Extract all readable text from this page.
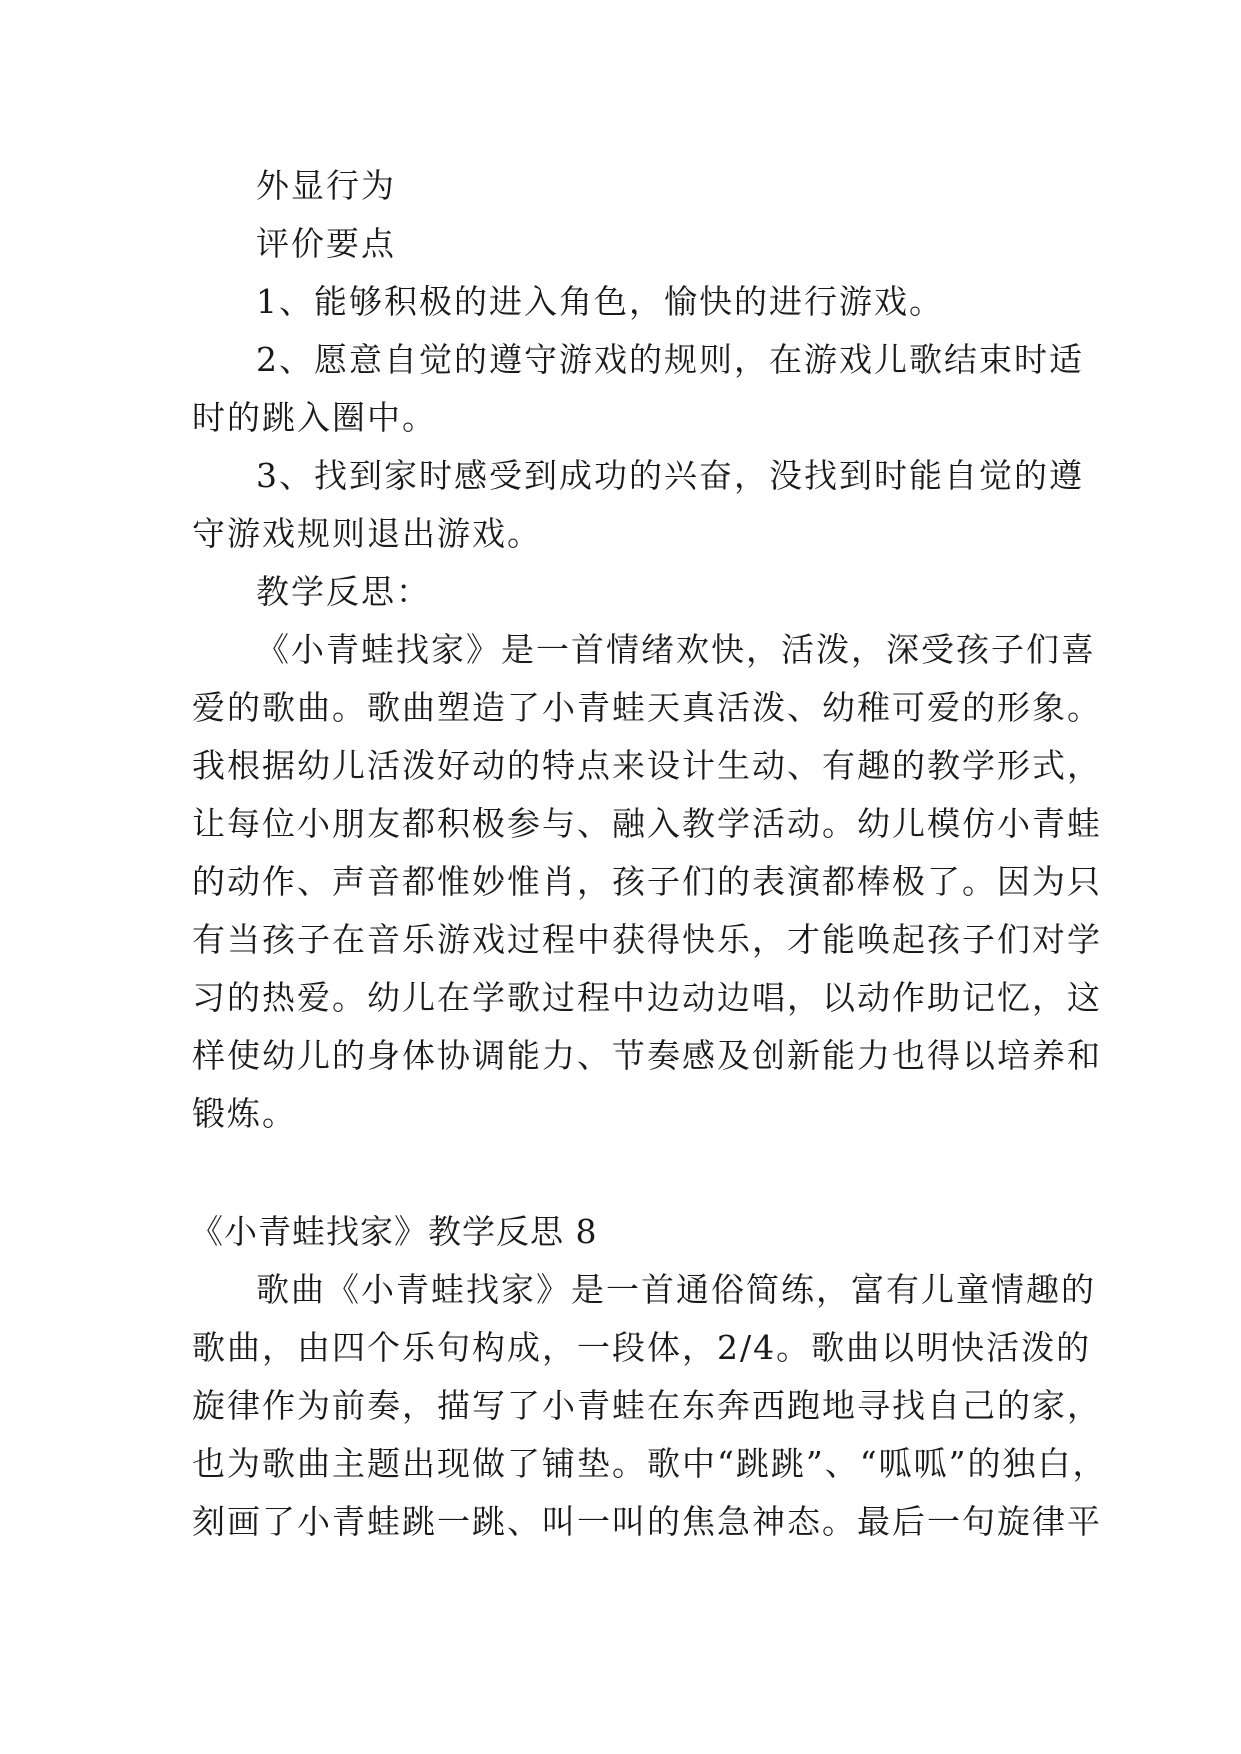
外显行为
评价要点
1、能够积极的进入角色，愉快的进行游戏。
2、愿意自觉的遵守游戏的规则，在游戏儿歌结束时适
时的跳入圈中。
3、找到家时感受到成功的兴奋，没找到时能自觉的遵
守游戏规则退出游戏。
教学反思：
《小青蛙找家》是一首情绪欢快，活泼，深受孩子们喜
爱的歌曲。歌曲塑造了小青蛙天真活泼、幼稚可爱的形象。
我根据幼儿活泼好动的特点来设计生动、有趣的教学形式，
让每位小朋友都积极参与、融入教学活动。幼儿模仿小青蛙
的动作、声音都惟妙惟肖，孩子们的表演都棒极了。因为只
有当孩子在音乐游戏过程中获得快乐，才能唤起孩子们对学
习的热爱。幼儿在学歌过程中边动边唱，以动作助记忆，这
样使幼儿的身体协调能力、节奏感及创新能力也得以培养和
锻炼。
《小青蛙找家》教学反思 8
歌曲《小青蛙找家》是一首通俗简练，富有儿童情趣的
歌曲，由四个乐句构成，一段体，2/4。歌曲以明快活泼的
旋律作为前奏，描写了小青蛙在东奔西跑地寻找自己的家，
也为歌曲主题出现做了铺垫。歌中“跳跳”、“呱呱”的独白，
刻画了小青蛙跳一跳、叫一叫的焦急神态。最后一句旋律平
